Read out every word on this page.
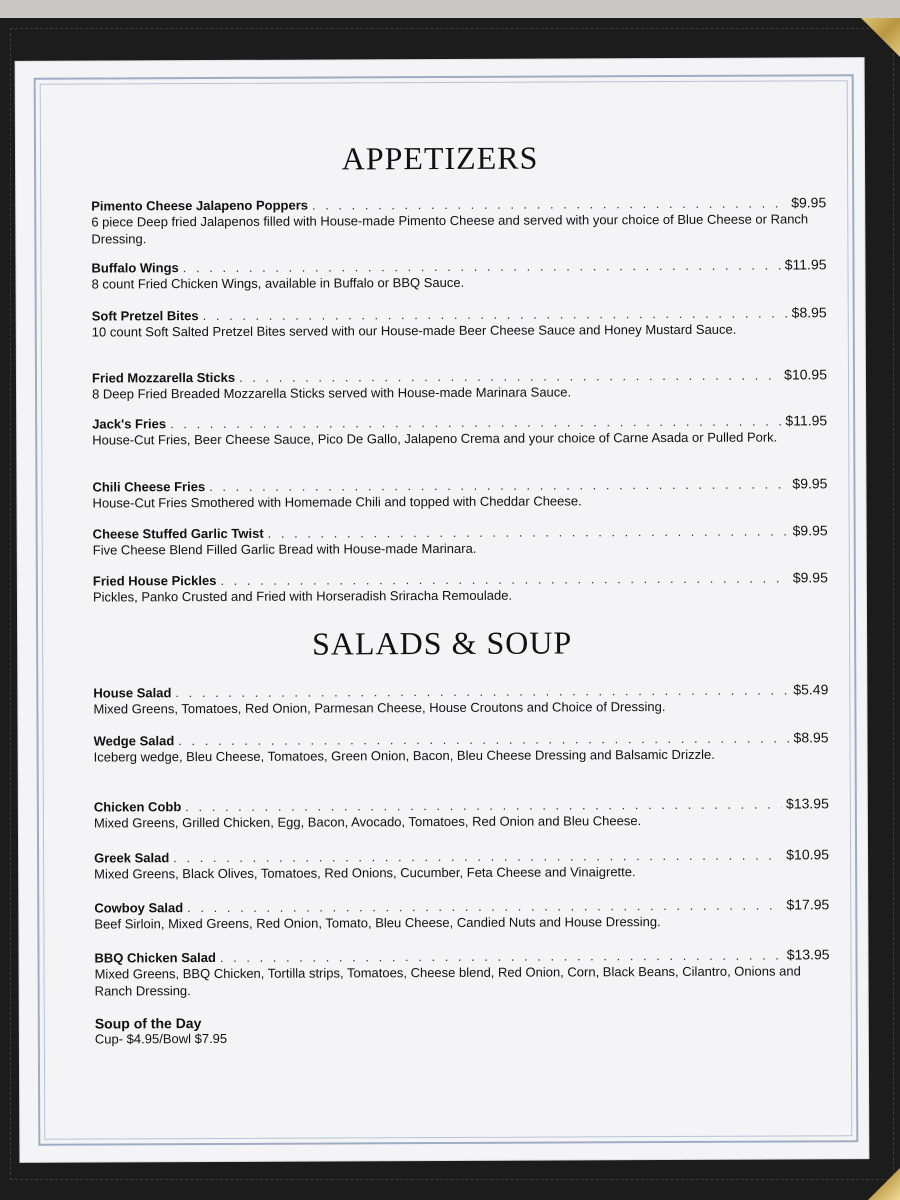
APPETIZERS
Pimento Cheese Jalapeno Poppers . . .	$9.95
6 piece Deep fried Jalapenos filled with House-made Pimento Cheese and served with your choice of Blue Cheese or Ranch Dressing.
Buffalo Wings . . .	$11.95
8 count Fried Chicken Wings, available in Buffalo or BBQ Sauce.
Soft Pretzel Bites . . .	$8.95
10 count Soft Salted Pretzel Bites served with our House-made Beer Cheese Sauce and Honey Mustard Sauce.
Fried Mozzarella Sticks . . .	$10.95
8 Deep Fried Breaded Mozzarella Sticks served with House-made Marinara Sauce.
Jack's Fries . . .	$11.95
House-Cut Fries, Beer Cheese Sauce, Pico De Gallo, Jalapeno Crema and your choice of Carne Asada or Pulled Pork.
Chili Cheese Fries . . .	$9.95
House-Cut Fries Smothered with Homemade Chili and topped with Cheddar Cheese.
Cheese Stuffed Garlic Twist . . .	$9.95
Five Cheese Blend Filled Garlic Bread with House-made Marinara.
Fried House Pickles . . .	$9.95
Pickles, Panko Crusted and Fried with Horseradish Sriracha Remoulade.
SALADS & SOUP
House Salad . . .	$5.49
Mixed Greens, Tomatoes, Red Onion, Parmesan Cheese, House Croutons and Choice of Dressing.
Wedge Salad . . .	$8.95
Iceberg wedge, Bleu Cheese, Tomatoes, Green Onion, Bacon, Bleu Cheese Dressing and Balsamic Drizzle.
Chicken Cobb . . .	$13.95
Mixed Greens, Grilled Chicken, Egg, Bacon, Avocado, Tomatoes, Red Onion and Bleu Cheese.
Greek Salad . . .	$10.95
Mixed Greens, Black Olives, Tomatoes, Red Onions, Cucumber, Feta Cheese and Vinaigrette.
Cowboy Salad . . .	$17.95
Beef Sirloin, Mixed Greens, Red Onion, Tomato, Bleu Cheese, Candied Nuts and House Dressing.
BBQ Chicken Salad . . .	$13.95
Mixed Greens, BBQ Chicken, Tortilla strips, Tomatoes, Cheese blend, Red Onion, Corn, Black Beans, Cilantro, Onions and Ranch Dressing.
Soup of the Day
Cup- $4.95/Bowl $7.95
